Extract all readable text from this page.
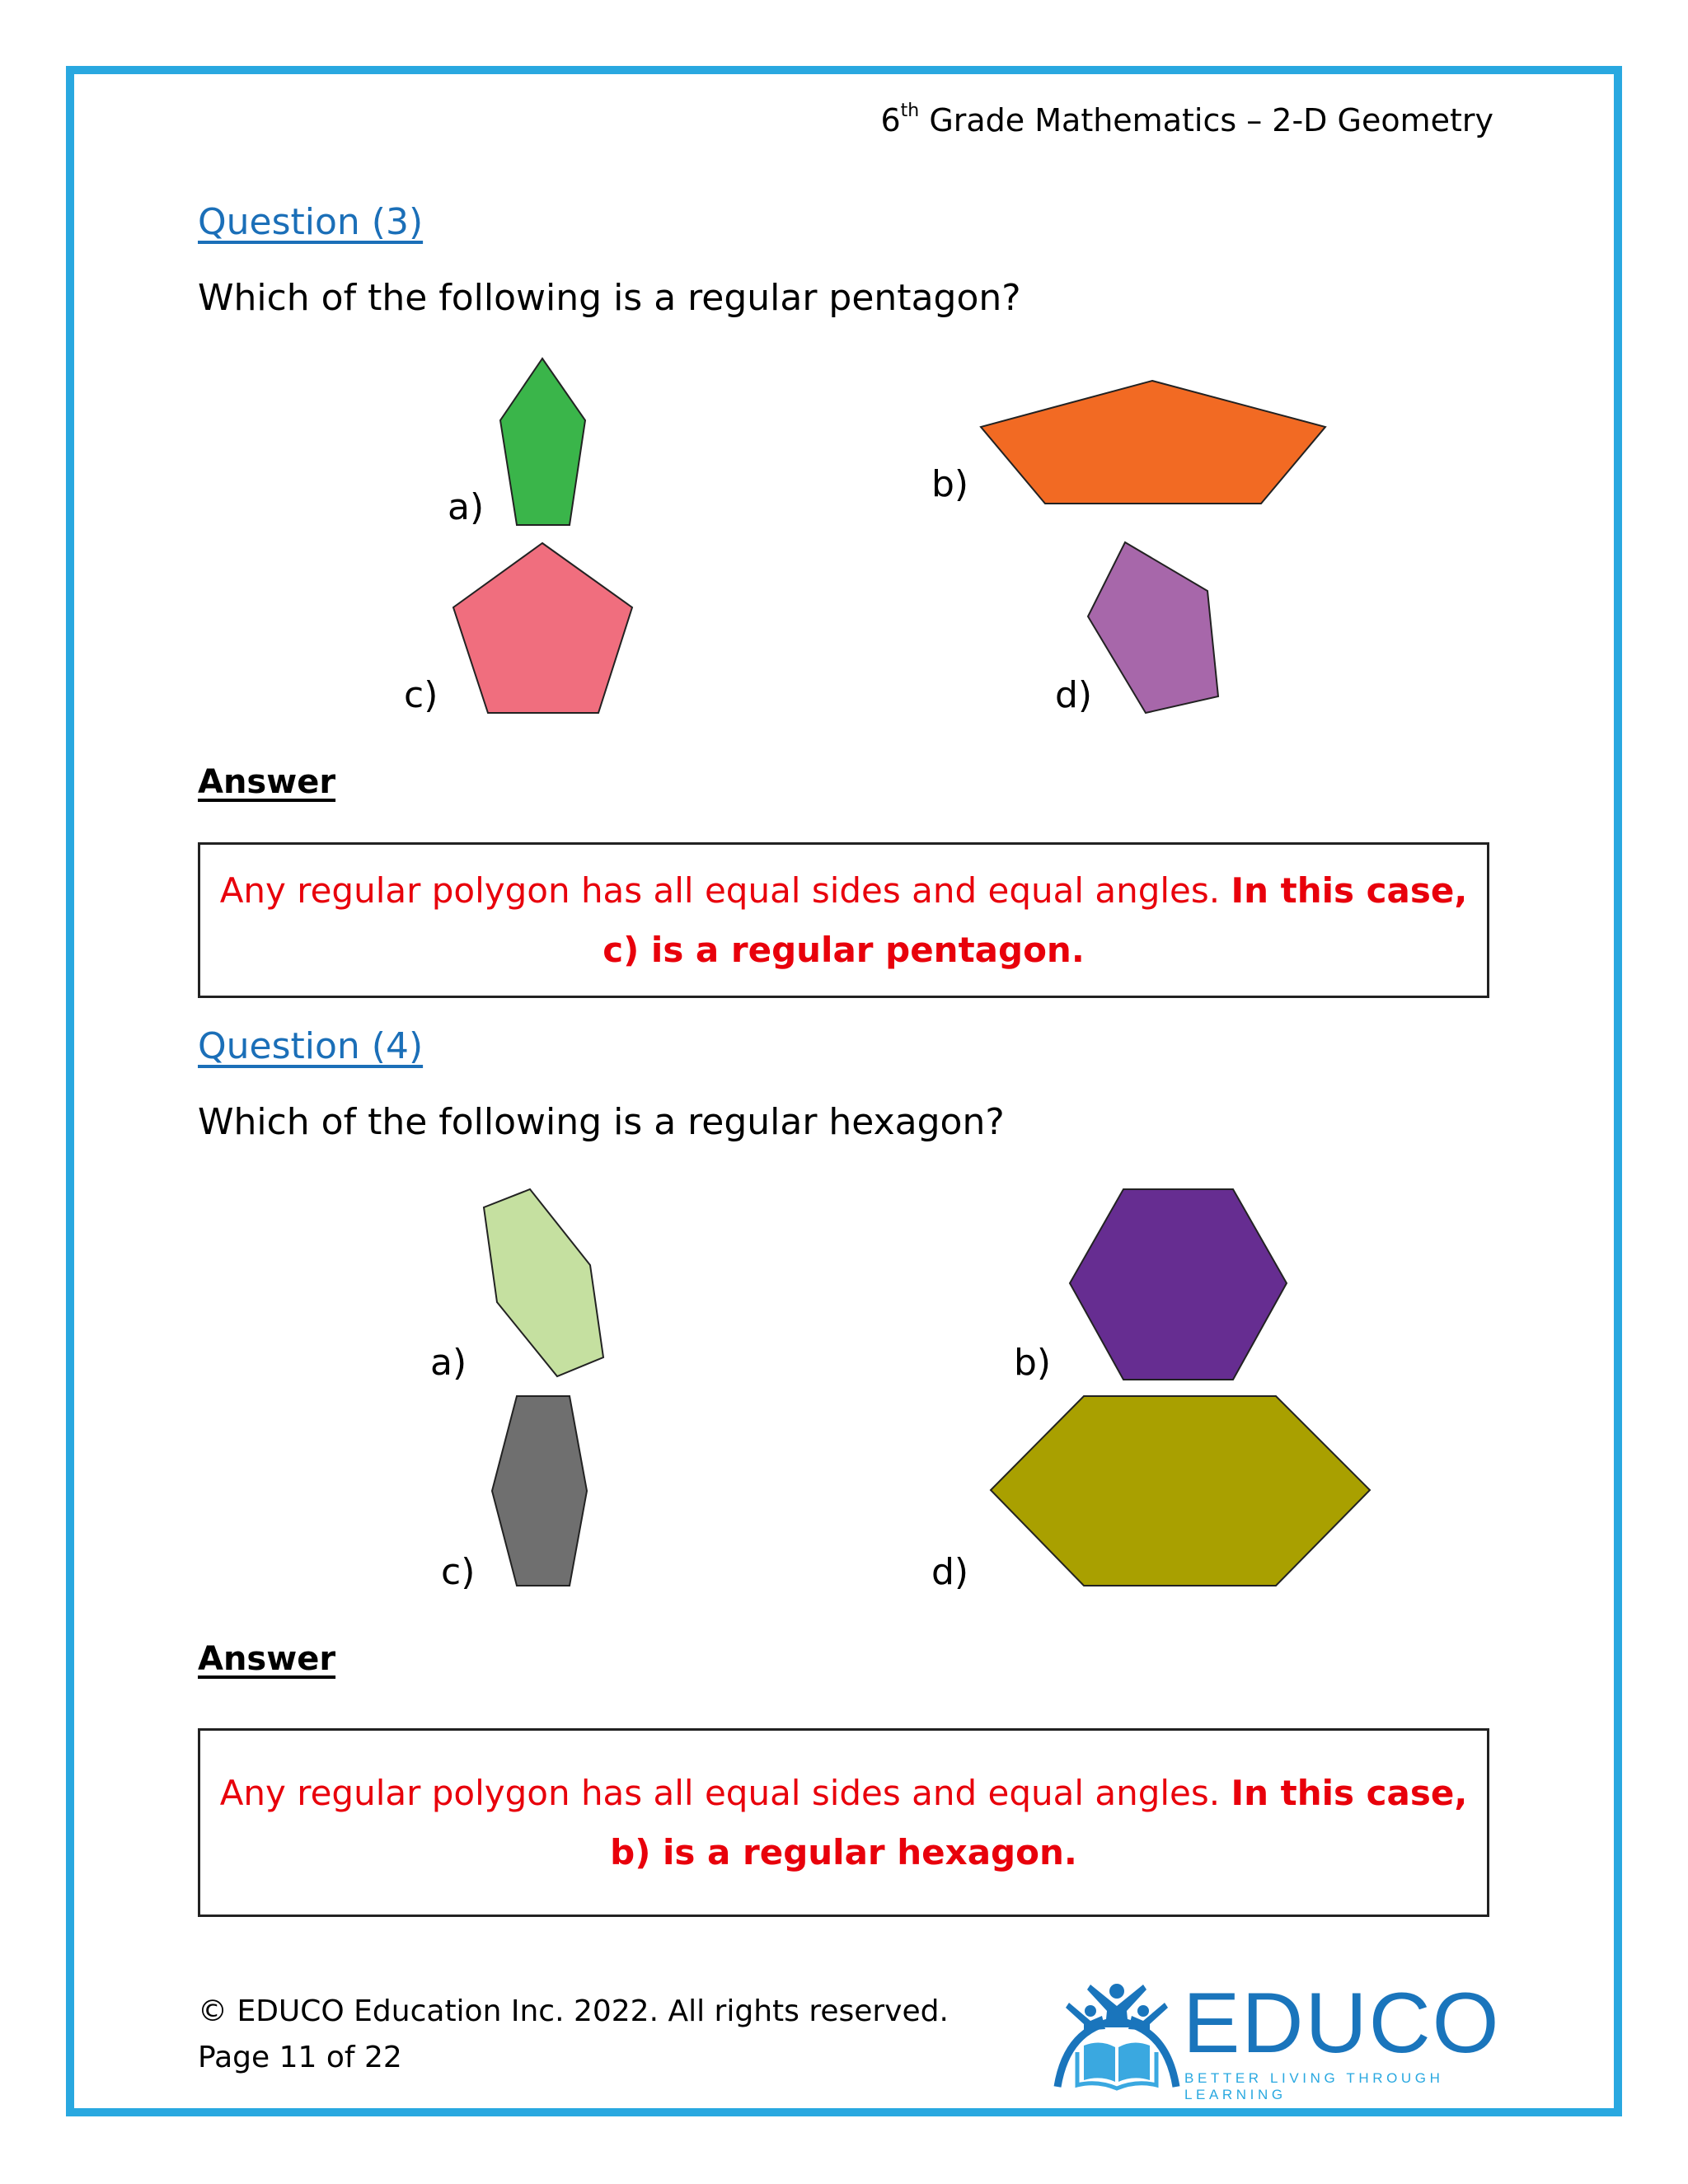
6th Grade Mathematics – 2-D Geometry
Question (3)
Which of the following is a regular pentagon?
a)
b)
c)	d)
Answer
Any regular polygon has all equal sides and equal angles. In this case, c) is a regular pentagon.
Question (4)
Which of the following is a regular hexagon?
a)	b)
c)	d)
Answer
Any regular polygon has all equal sides and equal angles. In this case, b) is a regular hexagon.
© EDUCO Education Inc. 2022. All rights reserved.
Page 11 of 22	EDUCO
BETTER LIVING THROUGH LEARNING
